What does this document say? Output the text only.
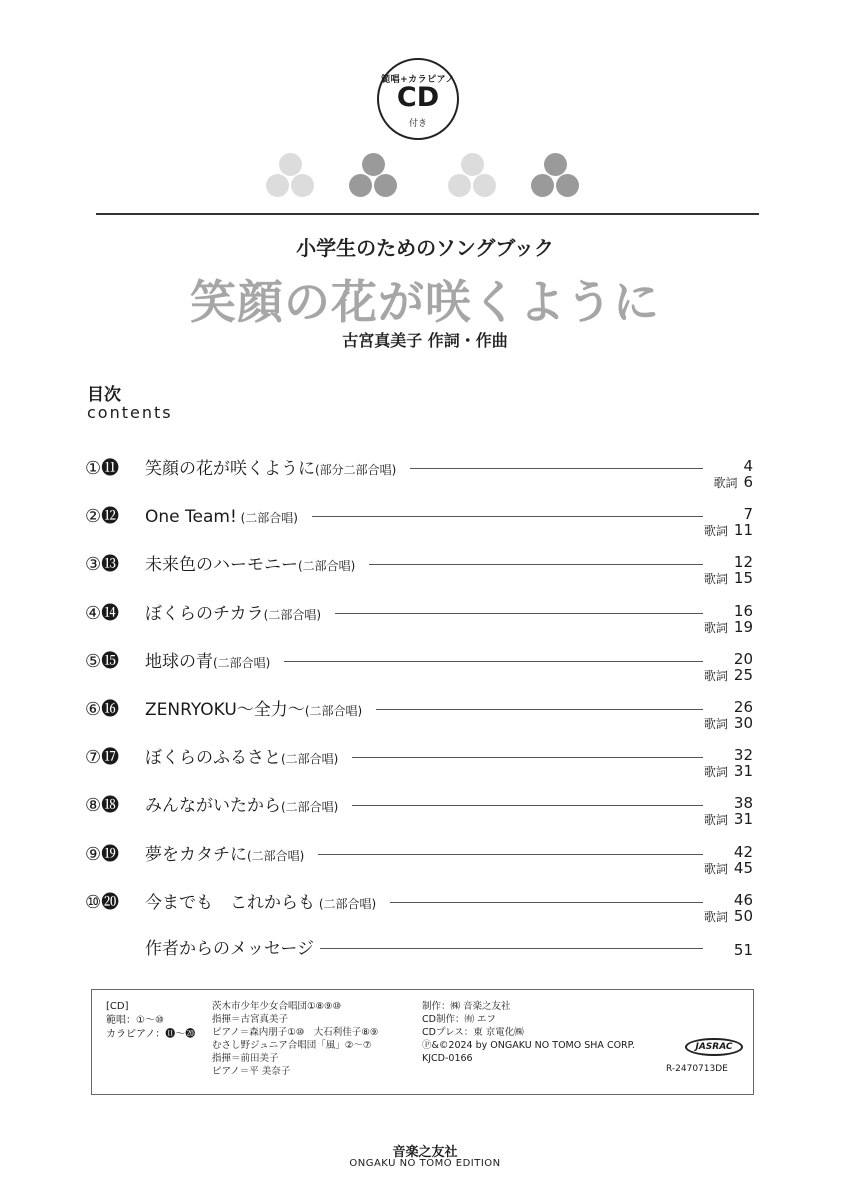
範唱+カラピアノ
CD
付き
小学生のためのソングブック
笑顔の花が咲くように
古宮真美子 作詞・作曲
目次
contents
①⓫ 笑顔の花が咲くように(部分二部合唱)	4
歌詞 6
②⓬ One Team! (二部合唱)	7
歌詞 11
③⓭ 未来色のハーモニー(二部合唱)	12
歌詞 15
④⓮ ぼくらのチカラ(二部合唱)	16
歌詞 19
⑤⓯ 地球の青(二部合唱)	20
歌詞 25
⑥⓰ ZENRYOKU〜全力〜(二部合唱)	26
歌詞 30
⑦⓱ ぼくらのふるさと(二部合唱)	32
歌詞 31
⑧⓲ みんながいたから(二部合唱)	38
歌詞 31
⑨⓳ 夢をカタチに(二部合唱)	42
歌詞 45
⑩⓴ 今までも　これからも (二部合唱)	46
歌詞 50
作者からのメッセージ	51
[CD]
範唱：①〜⑩
カラピアノ：⓫〜⓴
茨木市少年少女合唱団①⑧⑨⑩
指揮＝古宮真美子
ピアノ＝森内朋子①⑩　大石利佳子⑧⑨
むさし野ジュニア合唱団「風」②〜⑦
指揮＝前田美子
ピアノ＝平 美奈子
制作：㈱ 音楽之友社
CD制作：㈲ エフ
CDプレス：東 京電化㈱
Ⓟ&©2024 by ONGAKU NO TOMO SHA CORP.
KJCD-0166
JASRAC
R-2470713DE
音楽之友社
ONGAKU NO TOMO EDITION
